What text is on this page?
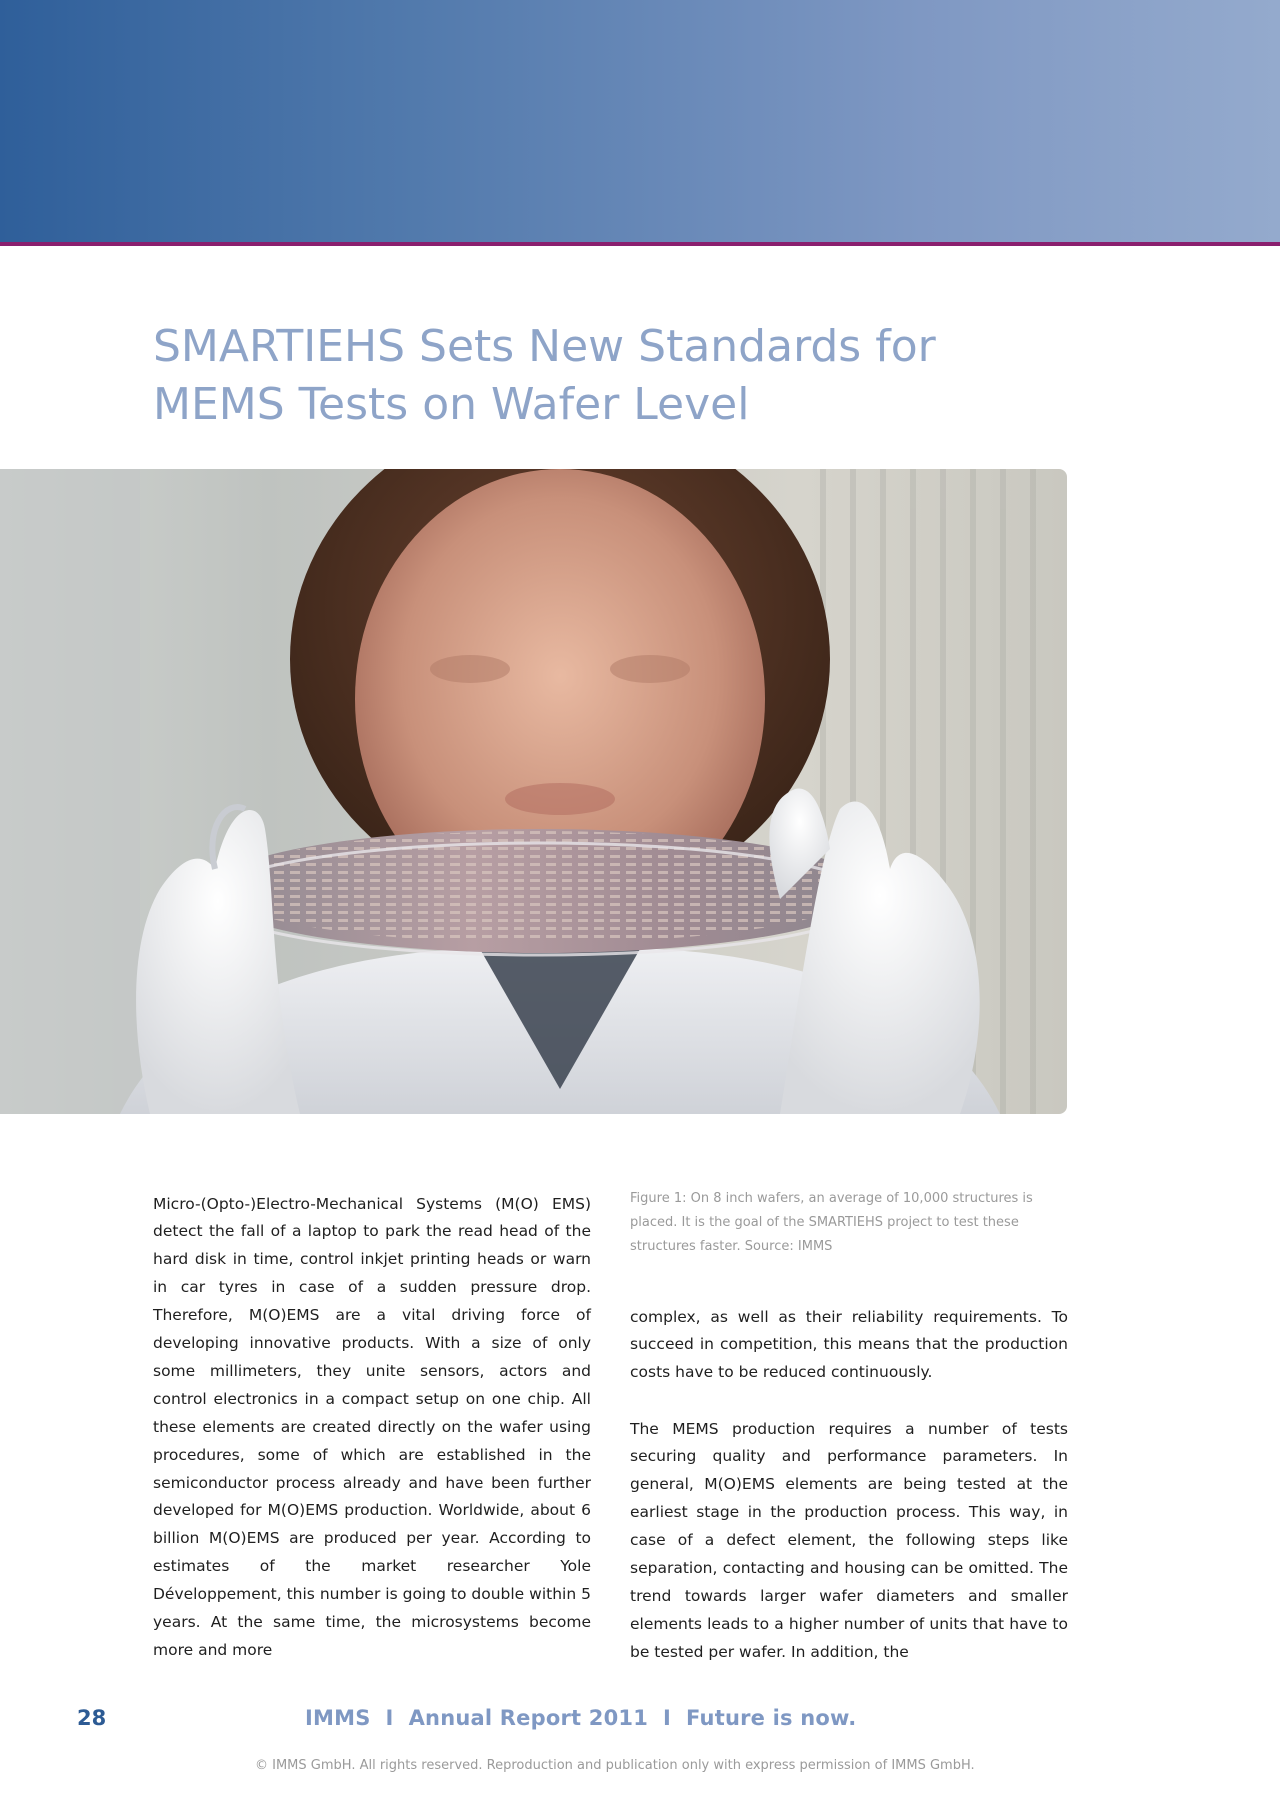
SMARTIEHS Sets New Standards for
MEMS Tests on Wafer Level

Micro-(Opto-)Electro-Mechanical Systems (M(O) EMS) detect the fall of a laptop to park the read head of the hard disk in time, control inkjet printing heads or warn in car tyres in case of a sudden pressure drop. Therefore, M(O)EMS are a vital driving force of developing innovative products. With a size of only some millimeters, they unite sensors, actors and control electronics in a compact setup on one chip. All these elements are created directly on the wafer using procedures, some of which are established in the semiconductor process already and have been further developed for M(O)EMS production. Worldwide, about 6 billion M(O)EMS are produced per year. According to estimates of the market researcher Yole Développement, this number is going to double within 5 years. At the same time, the microsystems become more and more

Figure 1: On 8 inch wafers, an average of 10,000 structures is placed. It is the goal of the SMARTIEHS project to test these structures faster. Source: IMMS

complex, as well as their reliability requirements. To succeed in competition, this means that the production costs have to be reduced continuously.

The MEMS production requires a number of tests securing quality and performance parameters. In general, M(O)EMS elements are being tested at the earliest stage in the production process. This way, in case of a defect element, the following steps like separation, contacting and housing can be omitted. The trend towards larger wafer diameters and smaller elements leads to a higher number of units that have to be tested per wafer. In addition, the

28	IMMS  I  Annual Report 2011  I  Future is now.
© IMMS GmbH. All rights reserved. Reproduction and publication only with express permission of IMMS GmbH.
